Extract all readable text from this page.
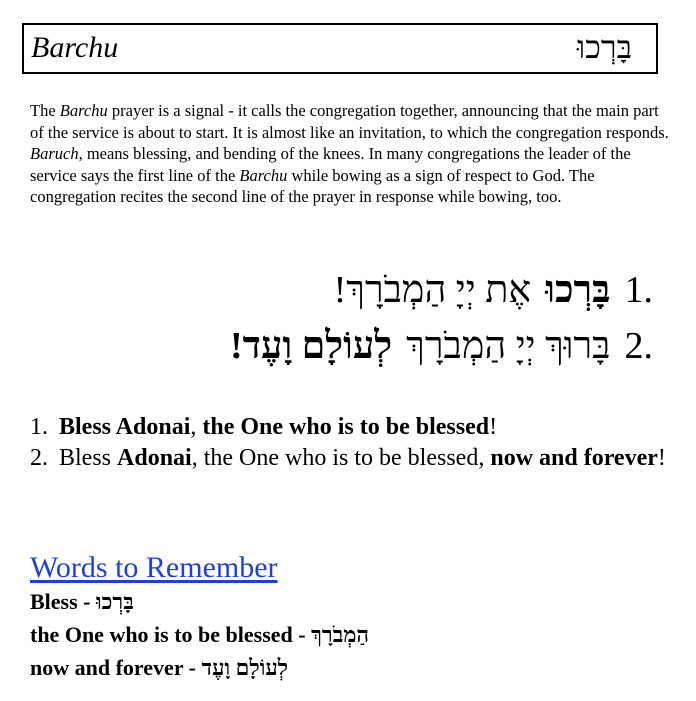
Barchu	בָּרְכוּ

The Barchu prayer is a signal - it calls the congregation together, announcing that the main part of the service is about to start. It is almost like an invitation, to which the congregation responds. Baruch, means blessing, and bending of the knees. In many congregations the leader of the service says the first line of the Barchu while bowing as a sign of respect to God. The congregation recites the second line of the prayer in response while bowing, too.

1.
בָּרְכוּ
אֶת יְיָ הַמְבֹרָךְ!
2.
בָּרוּךְ יְיָ הַמְבֹרָךְ
לְעוֹלָם וָעֶד!
1. Bless Adonai, the One who is to be blessed!
2. Bless Adonai, the One who is to be blessed, now and forever!
Words to Remember
Bless - בָּרְכוּ
the One who is to be blessed - הַמְבֹרָךְ
now and forever - לְעוֹלָם וָעֶד
